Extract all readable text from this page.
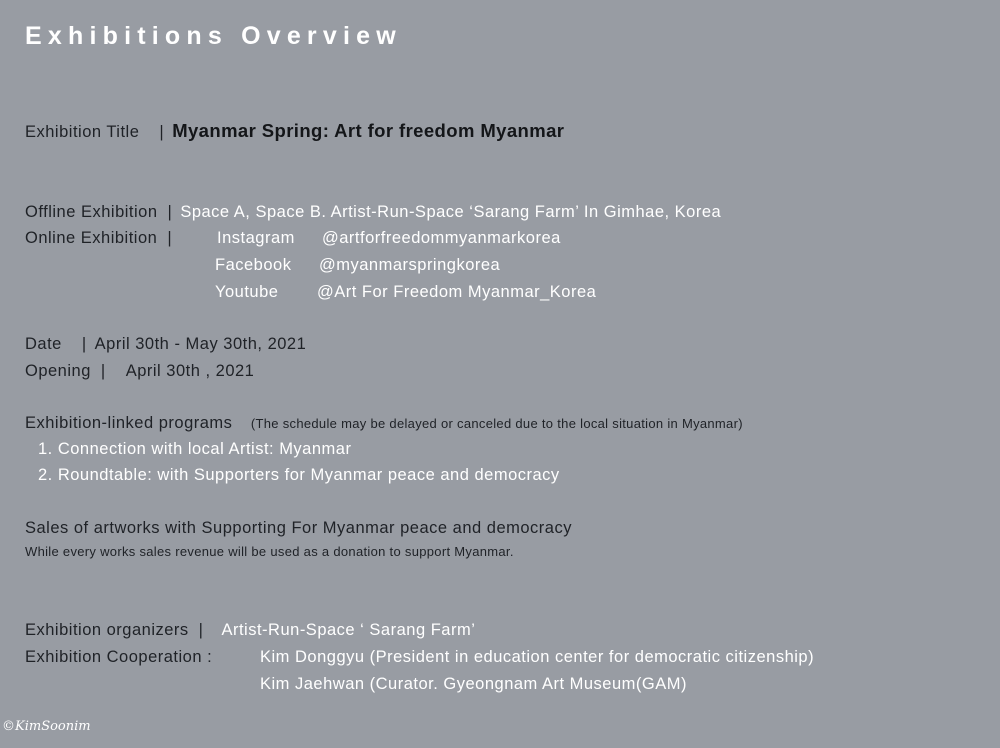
Exhibitions Overview
Exhibition Title | Myanmar Spring: Art for freedom Myanmar
Offline Exhibition | Space A, Space B. Artist-Run-Space ‘Sarang Farm’ In Gimhae, Korea
Online Exhibition |	Instagram @artforfreedommyanmarkorea
Facebook @myanmarspringkorea
Youtube @Art For Freedom Myanmar_Korea
Date | April 30th - May 30th, 2021
Opening | April 30th , 2021
Exhibition-linked programs (The schedule may be delayed or canceled due to the local situation in Myanmar)
1. Connection with local Artist: Myanmar
2. Roundtable: with Supporters for Myanmar peace and democracy
Sales of artworks with Supporting For Myanmar peace and democracy
While every works sales revenue will be used as a donation to support Myanmar.
Exhibition organizers | Artist-Run-Space ‘ Sarang Farm’
Exhibition Cooperation :	Kim Donggyu (President in education center for democratic citizenship)
Kim Jaehwan (Curator. Gyeongnam Art Museum(GAM)
©KimSoonim
